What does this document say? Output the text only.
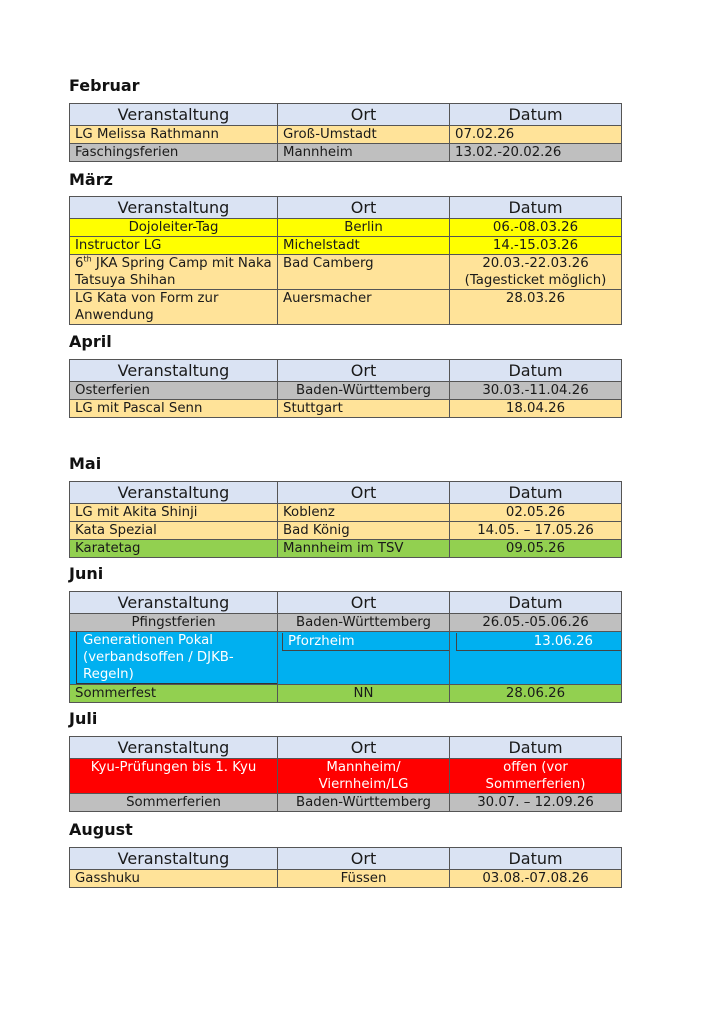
Februar
Veranstaltung	Ort	Datum
LG Melissa Rathmann	Groß-Umstadt	07.02.26
Faschingsferien	Mannheim	13.02.-20.02.26
März
Veranstaltung	Ort	Datum
Dojoleiter-Tag	Berlin	06.-08.03.26
Instructor LG	Michelstadt	14.-15.03.26
6th JKA Spring Camp mit Naka Tatsuya Shihan	Bad Camberg	20.03.-22.03.26
(Tagesticket möglich)

LG Kata von Form zur Anwendung	Auersmacher	28.03.26
April
Veranstaltung	Ort	Datum
Osterferien	Baden-Württemberg	30.03.-11.04.26
LG mit Pascal Senn	Stuttgart	18.04.26
Mai
Veranstaltung	Ort	Datum
LG mit Akita Shinji	Koblenz	02.05.26
Kata Spezial	Bad König	14.05. – 17.05.26
Karatetag	Mannheim im TSV	09.05.26
Juni
Veranstaltung	Ort	Datum
Pfingstferien	Baden-Württemberg	26.05.-05.06.26

Generationen Pokal (verbandsoffen / DJKB-Regeln)	Pforzheim	13.06.26

Sommerfest	NN	28.06.26
Juli
Veranstaltung	Ort	Datum
Kyu-Prüfungen bis 1. Kyu	Mannheim/ Viernheim/LG	offen (vor Sommerferien)
Sommerferien	Baden-Württemberg	30.07. – 12.09.26
August
Veranstaltung	Ort	Datum
Gasshuku	Füssen	03.08.-07.08.26
